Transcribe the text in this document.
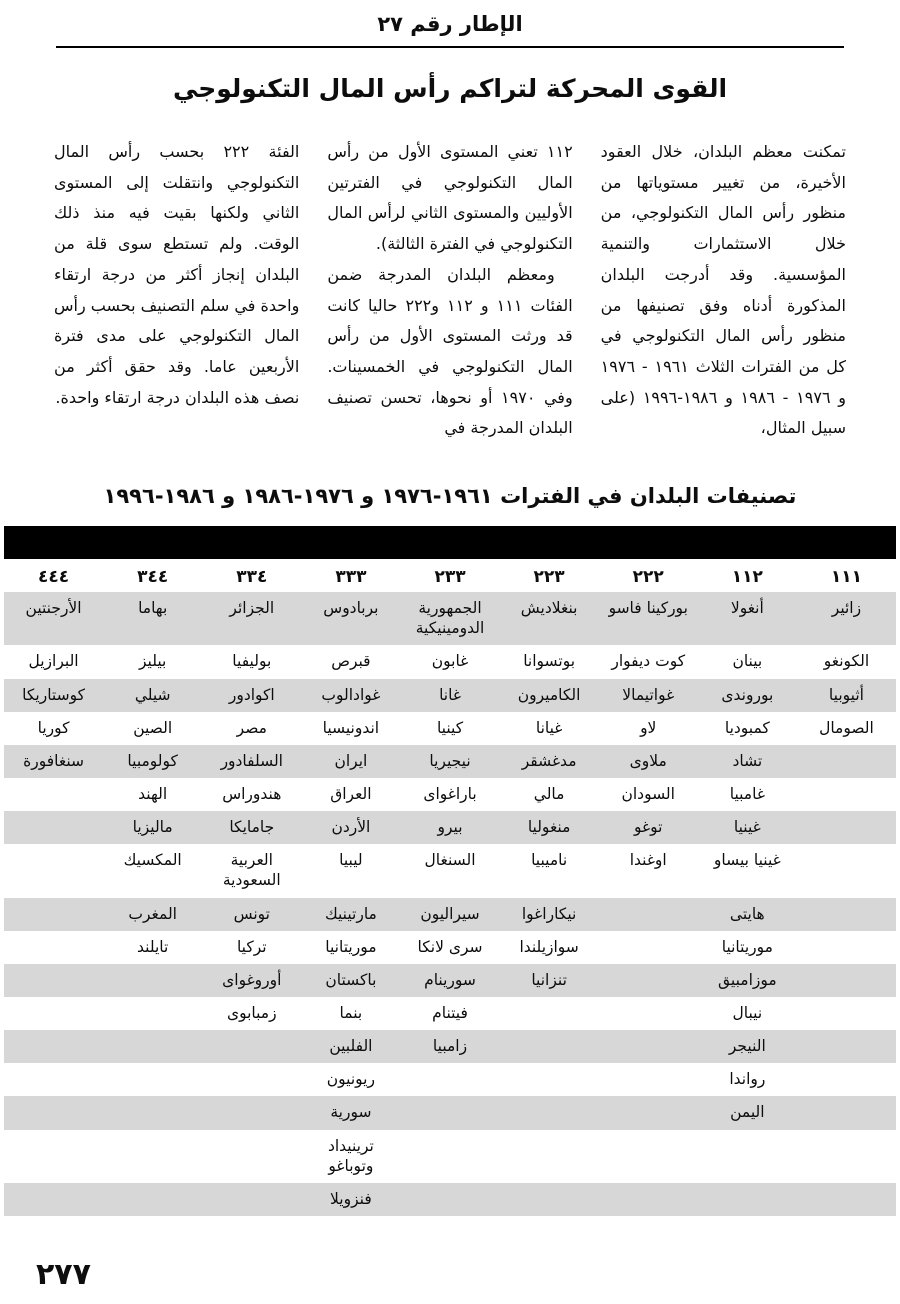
الإطار رقم ٢٧
القوى المحركة لتراكم رأس المال التكنولوجي

تمكنت معظم البلدان، خلال العقود الأخيرة، من تغيير مستوياتها من منظور رأس المال التكنولوجي، من خلال الاستثمارات والتنمية المؤسسية. وقد أدرجت البلدان المذكورة أدناه وفق تصنيفها من منظور رأس المال التكنولوجي في كل من الفترات الثلاث ١٩٦١ - ١٩٧٦ و ١٩٧٦ - ١٩٨٦ و ١٩٨٦-١٩٩٦ (على سبيل المثال،

١١٢ تعني المستوى الأول من رأس المال التكنولوجي في الفترتين الأوليين والمستوى الثاني لرأس المال التكنولوجي في الفترة الثالثة).

ومعظم البلدان المدرجة ضمن الفئات ١١١ و ١١٢ و٢٢٢ حاليا كانت قد ورثت المستوى الأول من رأس المال التكنولوجي في الخمسينات. وفي ١٩٧٠ أو نحوها، تحسن تصنيف البلدان المدرجة في

الفئة ٢٢٢ بحسب رأس المال التكنولوجي وانتقلت إلى المستوى الثاني ولكنها بقيت فيه منذ ذلك الوقت. ولم تستطع سوى قلة من البلدان إنجاز أكثر من درجة ارتقاء واحدة في سلم التصنيف بحسب رأس المال التكنولوجي على مدى فترة الأربعين عاما. وقد حقق أكثر من نصف هذه البلدان درجة ارتقاء واحدة.

تصنيفات البلدان في الفترات ١٩٦١-١٩٧٦ و ١٩٧٦-١٩٨٦ و ١٩٨٦-١٩٩٦
١١١	١١٢	٢٢٢	٢٢٣	٢٣٣	٣٣٣	٣٣٤	٣٤٤	٤٤٤
زائير	أنغولا	بوركينا فاسو	بنغلاديش	الجمهورية الدومينيكية	بربادوس	الجزائر	بهاما	الأرجنتين
الكونغو	بينان	كوت ديفوار	بوتسوانا	غابون	قبرص	بوليفيا	بيليز	البرازيل
أثيوبيا	بوروندى	غواتيمالا	الكاميرون	غانا	غوادالوب	اكوادور	شيلي	كوستاريكا
الصومال	كمبوديا	لاو	غيانا	كينيا	اندونيسيا	مصر	الصين	كوريا
	تشاد	ملاوى	مدغشقر	نيجيريا	ايران	السلفادور	كولومبيا	سنغافورة
	غامبيا	السودان	مالي	باراغواى	العراق	هندوراس	الهند	
	غينيا	توغو	منغوليا	بيرو	الأردن	جامايكا	ماليزيا	
	غينيا بيساو	اوغندا	ناميبيا	السنغال	ليبيا	العربية السعودية	المكسيك	
	هايتى		نيكاراغوا	سيراليون	مارتينيك	تونس	المغرب	
	موريتانيا		سوازيلندا	سرى لانكا	موريتانيا	تركيا	تايلند	
	موزامبيق		تنزانيا	سورينام	باكستان	أوروغواى		
	نيبال			فيتنام	بنما	زمبابوى		
	النيجر			زامبيا	الفلبين			
	رواندا				ريونيون			
	اليمن				سورية			
					ترينيداد وتوباغو			
					فنزويلا			
٢٧٧
